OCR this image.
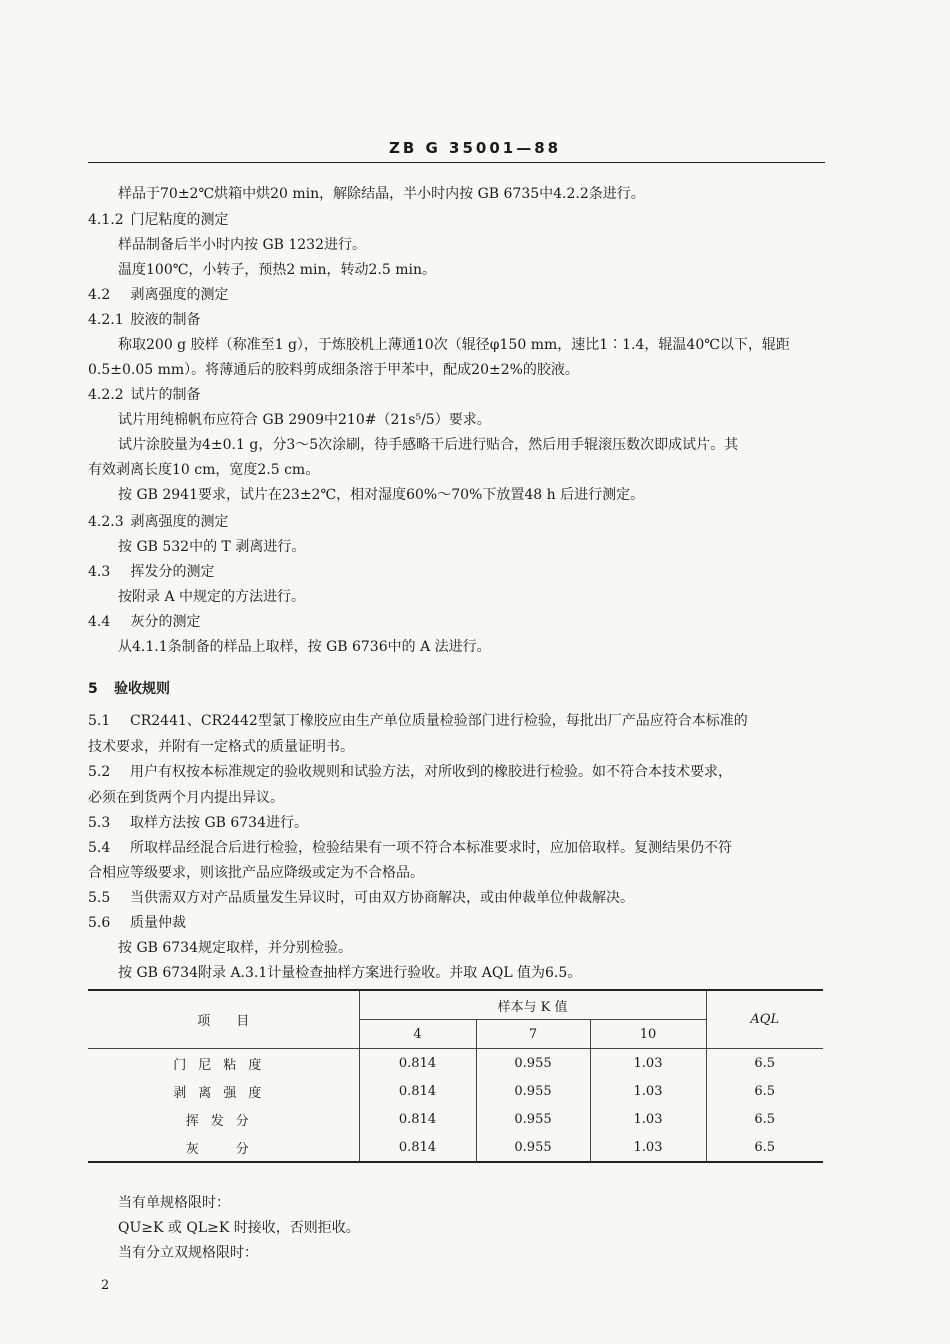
ZB G 35001—88
样品于70±2℃烘箱中烘20 min，解除结晶，半小时内按 GB 6735中4.2.2条进行。
4.1.2 门尼粘度的测定
样品制备后半小时内按 GB 1232进行。
温度100℃，小转子，预热2 min，转动2.5 min。
4.2 剥离强度的测定
4.2.1 胶液的制备
称取200 g 胶样（称准至1 g），于炼胶机上薄通10次（辊径φ150 mm，速比1∶1.4，辊温40℃以下，辊距
0.5±0.05 mm）。将薄通后的胶料剪成细条溶于甲苯中，配成20±2%的胶液。
4.2.2 试片的制备
试片用纯棉帆布应符合 GB 2909中210#（21s⁵/5）要求。
试片涂胶量为4±0.1 g，分3～5次涂刷，待手感略干后进行贴合，然后用手辊滚压数次即成试片。其
有效剥离长度10 cm，宽度2.5 cm。
按 GB 2941要求，试片在23±2℃，相对湿度60%～70%下放置48 h 后进行测定。
4.2.3 剥离强度的测定
按 GB 532中的 T 剥离进行。
4.3 挥发分的测定
按附录 A 中规定的方法进行。
4.4 灰分的测定
从4.1.1条制备的样品上取样，按 GB 6736中的 A 法进行。
5 验收规则
5.1 CR2441、CR2442型氯丁橡胶应由生产单位质量检验部门进行检验，每批出厂产品应符合本标准的
技术要求，并附有一定格式的质量证明书。
5.2 用户有权按本标准规定的验收规则和试验方法，对所收到的橡胶进行检验。如不符合本技术要求，
必须在到货两个月内提出异议。
5.3 取样方法按 GB 6734进行。
5.4 所取样品经混合后进行检验，检验结果有一项不符合本标准要求时，应加倍取样。复测结果仍不符
合相应等级要求，则该批产品应降级或定为不合格品。
5.5 当供需双方对产品质量发生异议时，可由双方协商解决，或由仲裁单位仲裁解决。
5.6 质量仲裁
按 GB 6734规定取样，并分别检验。
按 GB 6734附录 A.3.1计量检查抽样方案进行验收。并取 AQL 值为6.5。
项　　目	样本与 K 值			AQL
	4	7	10	
门尼粘度	0.814	0.955	1.03	6.5
剥离强度	0.814	0.955	1.03	6.5
挥发分	0.814	0.955	1.03	6.5
灰　分	0.814	0.955	1.03	6.5
当有单规格限时：
QU≥K 或 QL≥K 时接收，否则拒收。
当有分立双规格限时：
2
